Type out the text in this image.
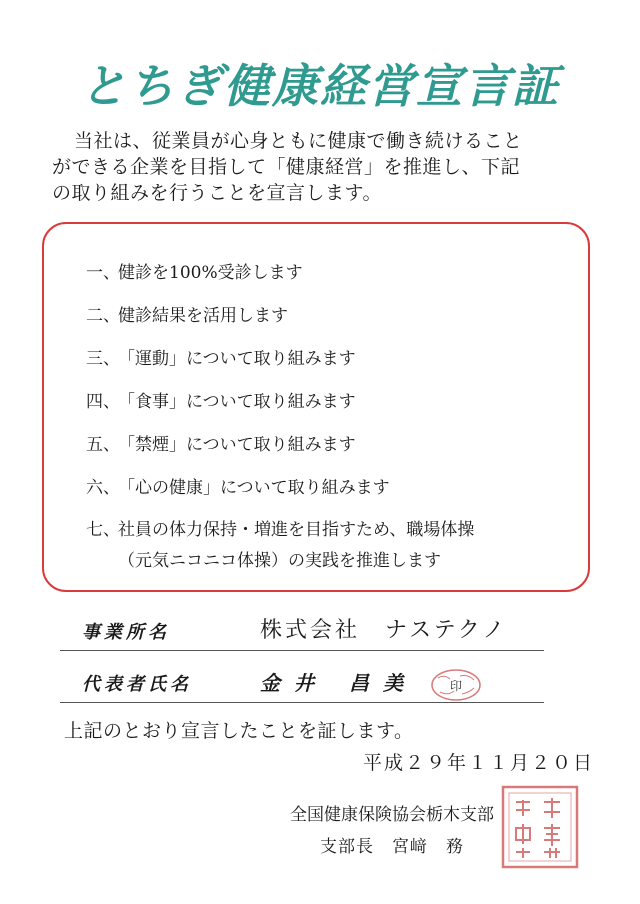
とちぎ健康経営宣言証
当社は、従業員が心身ともに健康で働き続けること
ができる企業を目指して「健康経営」を推進し、下記
の取り組みを行うことを宣言します。
一、健診を100%受診します
二、健診結果を活用します
三、「運動」について取り組みます
四、「食事」について取り組みます
五、「禁煙」について取り組みます
六、「心の健康」について取り組みます
七、社員の体力保持・増進を目指すため、職場体操
（元気ニコニコ体操）の実践を推進します
事業所名	株式会社　ナステクノ
代表者氏名	金井 昌美	印
上記のとおり宣言したことを証します。
平成２９年１１月２０日
全国健康保険協会栃木支部
支部長　宮﨑　務
